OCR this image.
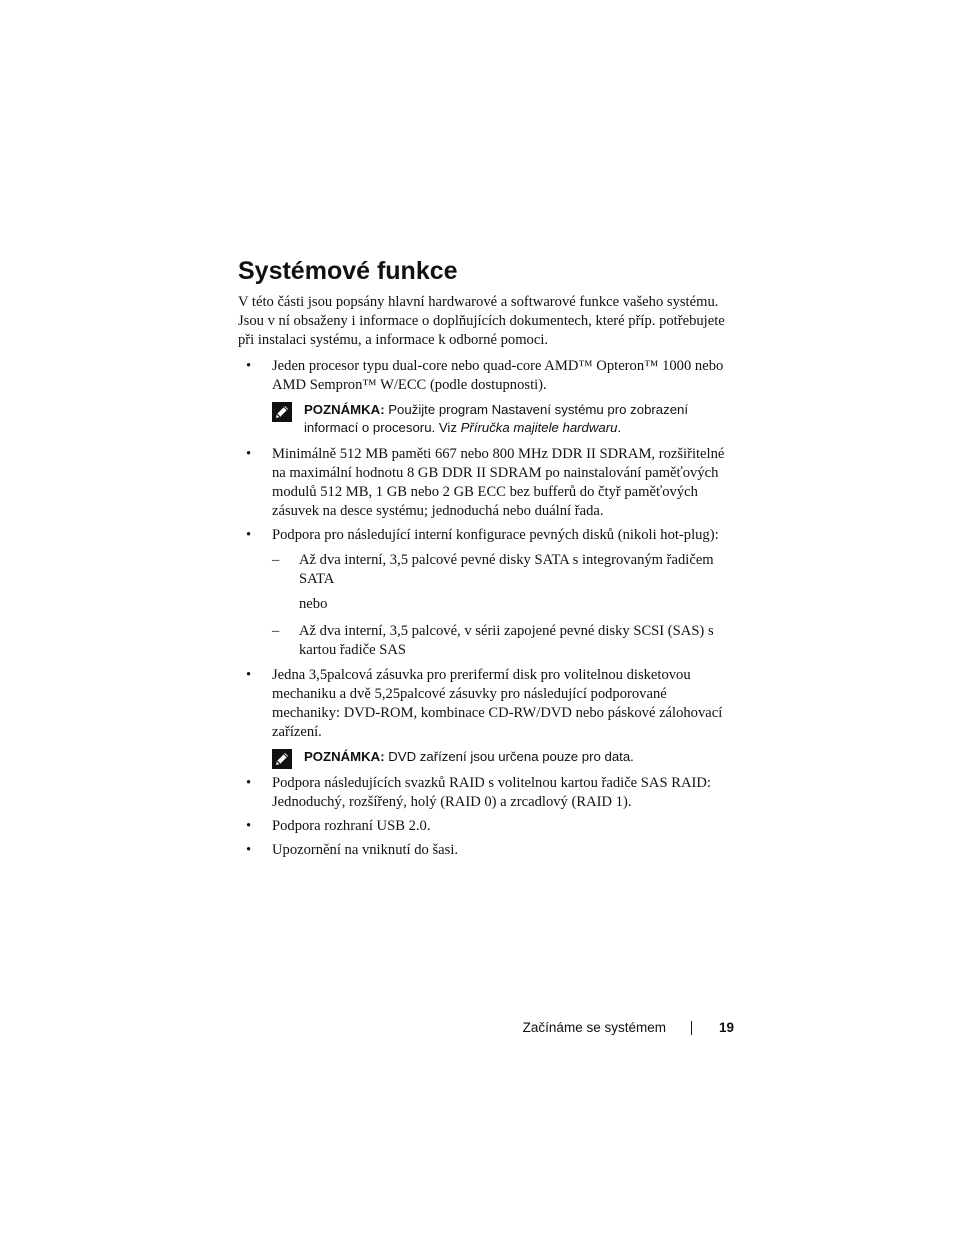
Systémové funkce

V této části jsou popsány hlavní hardwarové a softwarové funkce vašeho systému. Jsou v ní obsaženy i informace o doplňujících dokumentech, které příp. potřebujete při instalaci systému, a informace k odborné pomoci.

• Jeden procesor typu dual-core nebo quad-core AMD™ Opteron™ 1000 nebo AMD Sempron™ W/ECC (podle dostupnosti).
POZNÁMKA: Použijte program Nastavení systému pro zobrazení informací o procesoru. Viz Příručka majitele hardwaru.
• Minimálně 512 MB paměti 667 nebo 800 MHz DDR II SDRAM, rozšiřitelné na maximální hodnotu 8 GB DDR II SDRAM po nainstalování paměťových modulů 512 MB, 1 GB nebo 2 GB ECC bez bufferů do čtyř paměťových zásuvek na desce systému; jednoduchá nebo duální řada.
• Podpora pro následující interní konfigurace pevných disků (nikoli hot-plug):
– Až dva interní, 3,5 palcové pevné disky SATA s integrovaným řadičem SATA
nebo
– Až dva interní, 3,5 palcové, v sérii zapojené pevné disky SCSI (SAS) s kartou řadiče SAS
• Jedna 3,5palcová zásuvka pro prerifermí disk pro volitelnou disketovou mechaniku a dvě 5,25palcové zásuvky pro následující podporované mechaniky: DVD-ROM, kombinace CD-RW/DVD nebo páskové zálohovací zařízení.
POZNÁMKA: DVD zařízení jsou určena pouze pro data.
• Podpora následujících svazků RAID s volitelnou kartou řadiče SAS RAID: Jednoduchý, rozšířený, holý (RAID 0) a zrcadlový (RAID 1).
• Podpora rozhraní USB 2.0.
• Upozornění na vniknutí do šasi.
Začínáme se systémem	19
